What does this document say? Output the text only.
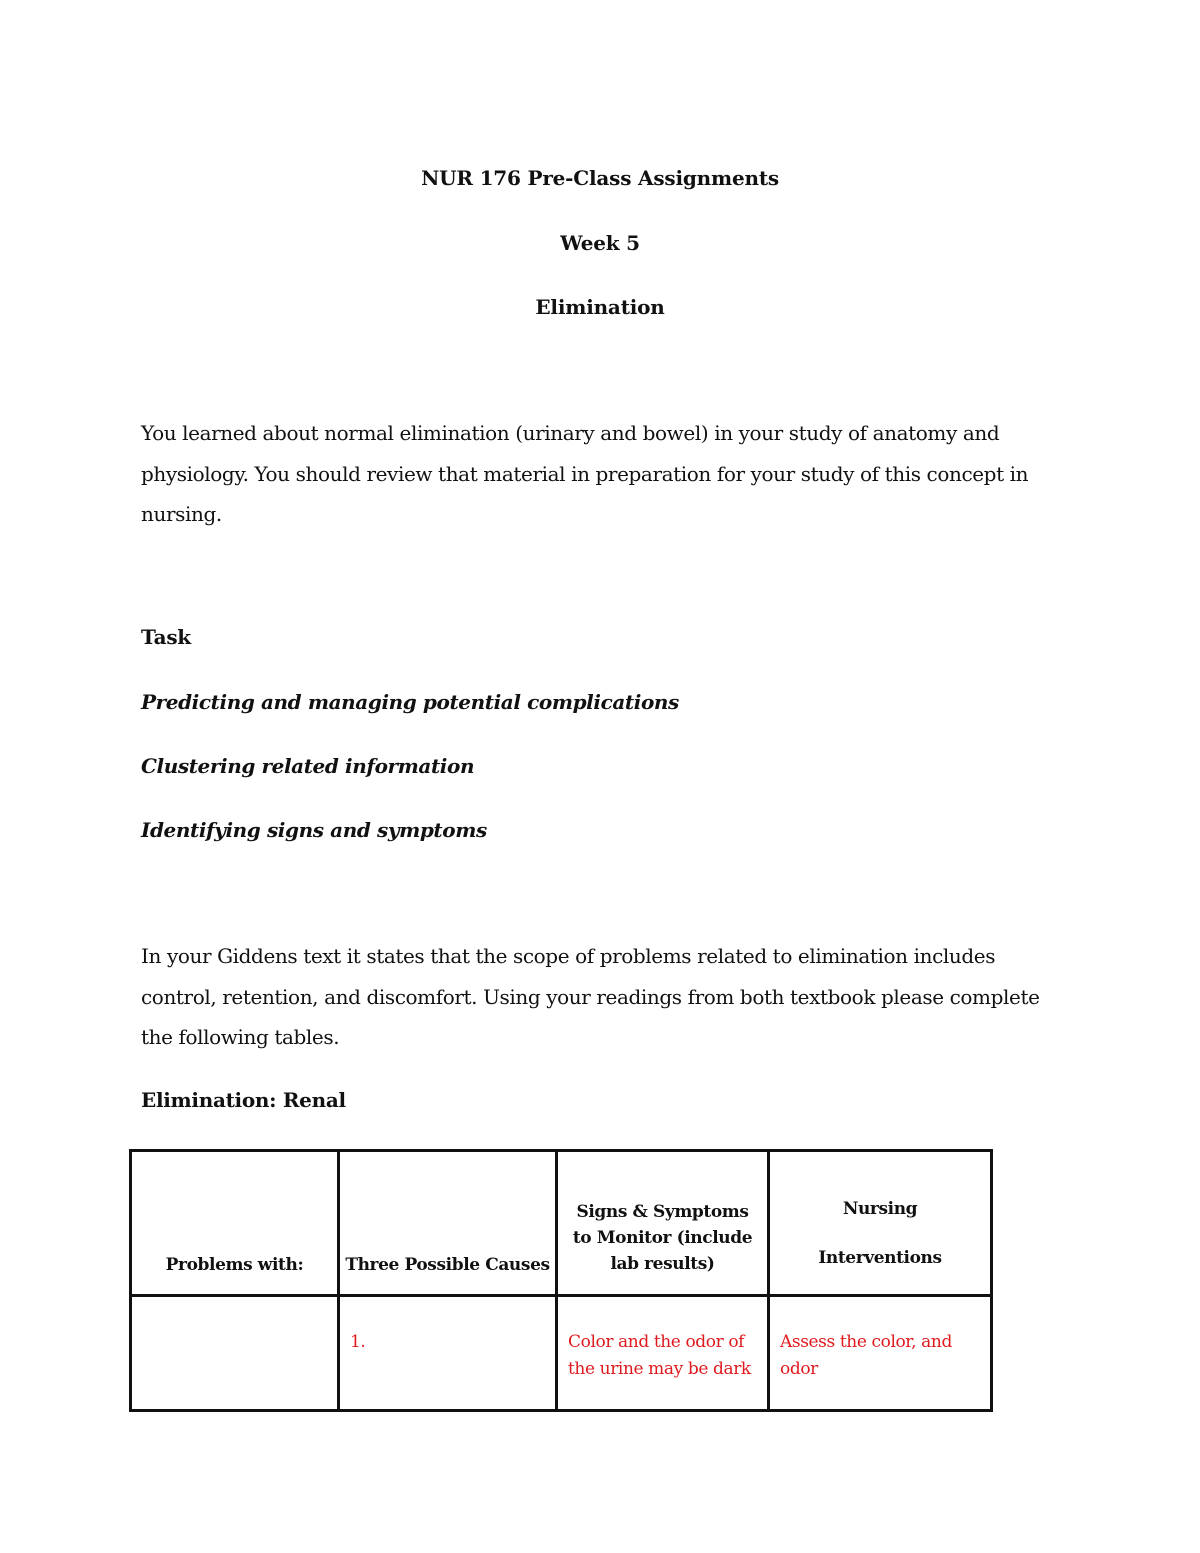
NUR 176 Pre-Class Assignments
Week 5
Elimination
You learned about normal elimination (urinary and bowel) in your study of anatomy and physiology. You should review that material in preparation for your study of this concept in nursing.
Task
Predicting and managing potential complications
Clustering related information
Identifying signs and symptoms
In your Giddens text it states that the scope of problems related to elimination includes control, retention, and discomfort. Using your readings from both textbook please complete the following tables.
Elimination: Renal
Problems with:	Three Possible Causes	Signs & Symptoms to Monitor (include lab results)	Nursing
Interventions

	1.	Color and the odor of the urine may be dark	Assess the color, and odor
